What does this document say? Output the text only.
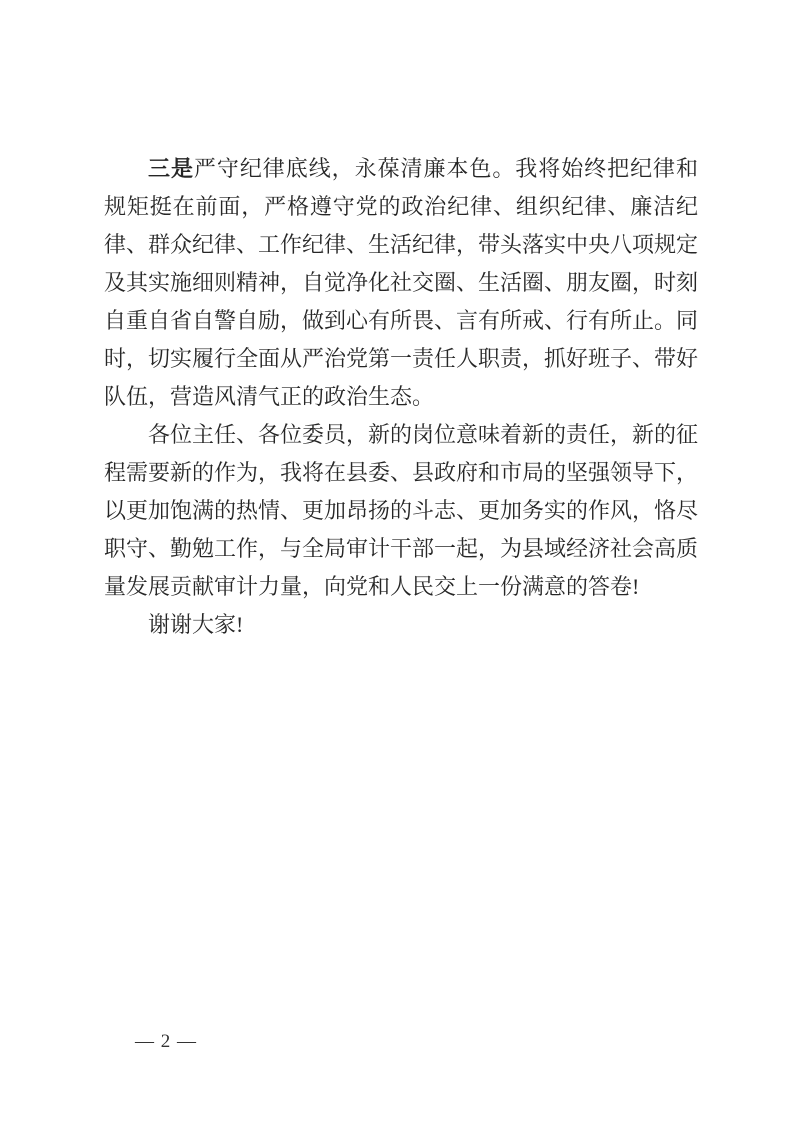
三是严守纪律底线，永葆清廉本色。我将始终把纪律和规矩挺在前面，严格遵守党的政治纪律、组织纪律、廉洁纪律、群众纪律、工作纪律、生活纪律，带头落实中央八项规定及其实施细则精神，自觉净化社交圈、生活圈、朋友圈，时刻自重自省自警自励，做到心有所畏、言有所戒、行有所止。同时，切实履行全面从严治党第一责任人职责，抓好班子、带好队伍，营造风清气正的政治生态。

各位主任、各位委员，新的岗位意味着新的责任，新的征程需要新的作为，我将在县委、县政府和市局的坚强领导下，以更加饱满的热情、更加昂扬的斗志、更加务实的作风，恪尽职守、勤勉工作，与全局审计干部一起，为县域经济社会高质量发展贡献审计力量，向党和人民交上一份满意的答卷!

谢谢大家!

— 2 —
